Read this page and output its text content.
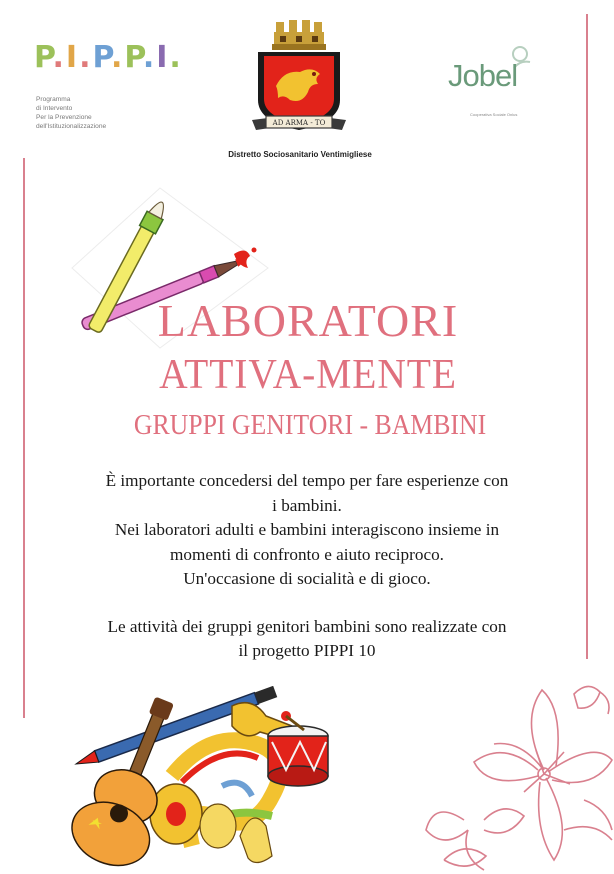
P.I.P.P.I.
Programma
di Intervento
Per la Prevenzione
dell'Istituzionalizzazione	AD ARMA - TO
Distretto Sociosanitario Ventimigliese
Jobel
Cooperativa Sociale Onlus
LABORATORI
ATTIVA-MENTE
GRUPPI GENITORI - BAMBINI

È importante concedersi del tempo per fare esperienze con

i bambini.

Nei laboratori adulti e bambini interagiscono insieme in

momenti di confronto e aiuto reciproco.

Un'occasione di socialità e di gioco.

Le attività dei gruppi genitori bambini sono realizzate con

il progetto PIPPI 10
